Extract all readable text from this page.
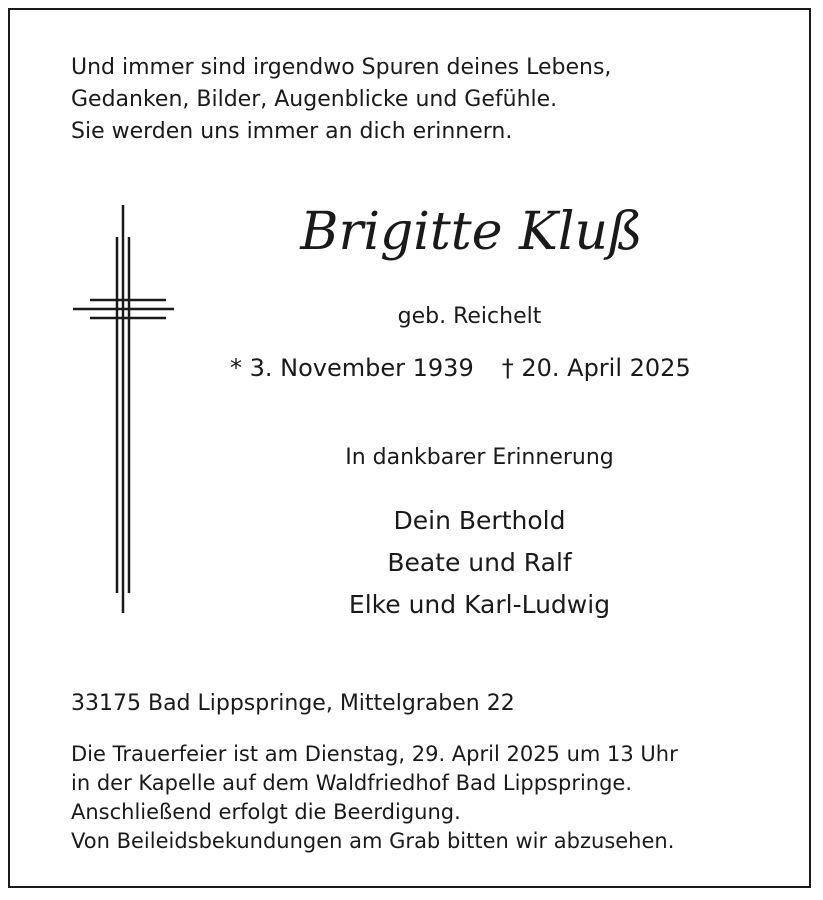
Und immer sind irgendwo Spuren deines Lebens,
Gedanken, Bilder, Augenblicke und Gefühle.
Sie werden uns immer an dich erinnern.
Brigitte Kluß
geb. Reichelt
* 3. November 1939 † 20. April 2025
In dankbarer Erinnerung
Dein Berthold
Beate und Ralf
Elke und Karl-Ludwig
33175 Bad Lippspringe, Mittelgraben 22
Die Trauerfeier ist am Dienstag, 29. April 2025 um 13 Uhr
in der Kapelle auf dem Waldfriedhof Bad Lippspringe.
Anschließend erfolgt die Beerdigung.
Von Beileidsbekundungen am Grab bitten wir abzusehen.
